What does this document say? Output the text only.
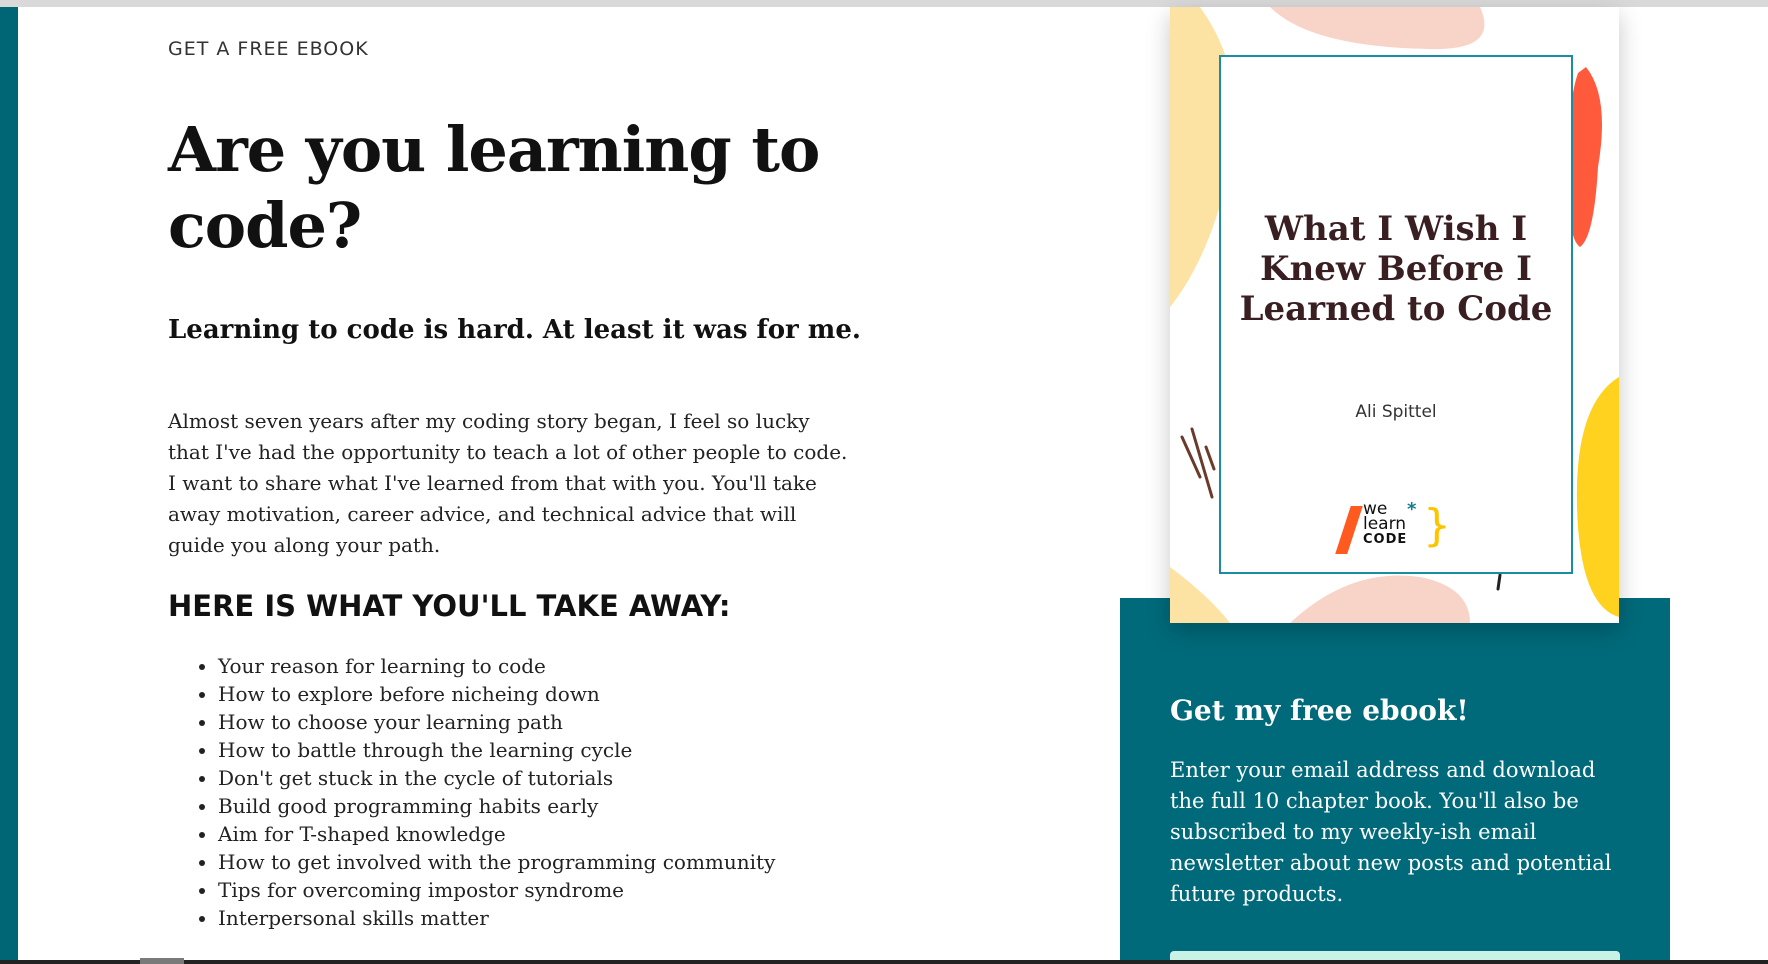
GET A FREE EBOOK
Are you learning to code?
Learning to code is hard. At least it was for me.

Almost seven years after my coding story began, I feel so lucky that I've had the opportunity to teach a lot of other people to code. I want to share what I've learned from that with you. You'll take away motivation, career advice, and technical advice that will guide you along your path.

HERE IS WHAT YOU'LL TAKE AWAY:
• Your reason for learning to code
• How to explore before nicheing down
• How to choose your learning path
• How to battle through the learning cycle
• Don't get stuck in the cycle of tutorials
• Build good programming habits early
• Aim for T-shaped knowledge
• How to get involved with the programming community
• Tips for overcoming impostor syndrome
• Interpersonal skills matter
What I Wish I Knew Before I Learned to Code
Ali Spittel
we
learn
CODE
* }
Get my free ebook!

Enter your email address and download the full 10 chapter book. You'll also be subscribed to my weekly-ish email newsletter about new posts and potential future products.
